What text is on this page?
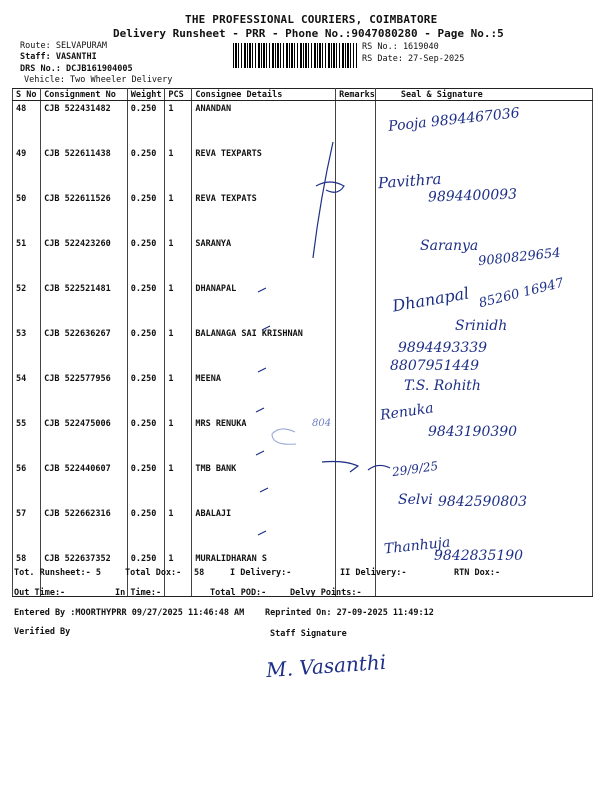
THE PROFESSIONAL COURIERS, COIMBATORE
Delivery Runsheet - PRR - Phone No.:9047080280 - Page No.:5
Route: SELVAPURAM
Staff: VASANTHI
DRS No.: DCJB161904005
Vehicle: Two Wheeler Delivery
RS No.: 1619040
RS Date: 27-Sep-2025
S No	Consignment No	Weight	PCS	Consignee Details	Remarks	Seal & Signature
48	CJB 522431482	0.250	1	ANANDAN		
49	CJB 522611438	0.250	1	REVA TEXPARTS		
50	CJB 522611526	0.250	1	REVA TEXPATS		
51	CJB 522423260	0.250	1	SARANYA		
52	CJB 522521481	0.250	1	DHANAPAL		
53	CJB 522636267	0.250	1	BALANAGA SAI KRISHNAN		
54	CJB 522577956	0.250	1	MEENA		
55	CJB 522475006	0.250	1	MRS RENUKA		
56	CJB 522440607	0.250	1	TMB BANK		
57	CJB 522662316	0.250	1	ABALAJI		
58	CJB 522637352	0.250	1	MURALIDHARAN S		
Pooja 9894467036
Pavithra
9894400093
Saranya 9080829654
Dhanapal 85260 16947
Srinidh
9894493339
8807951449
T.S. Rohith
Renuka
9843190390
804
29/9/25
Selvi 9842590803
Thanhuja
9842835190
Tot. Runsheet:- 5	Total Dox:- 58	I Delivery:-	II Delivery:-	RTN Dox:-
Out Time:-	In Time:-	Total POD:-	Delvy Points:-
Entered By :MOORTHYPRR 09/27/2025 11:46:48 AM Reprinted On: 27-09-2025 11:49:12
Verified By	Staff Signature
M. Vasanthi
